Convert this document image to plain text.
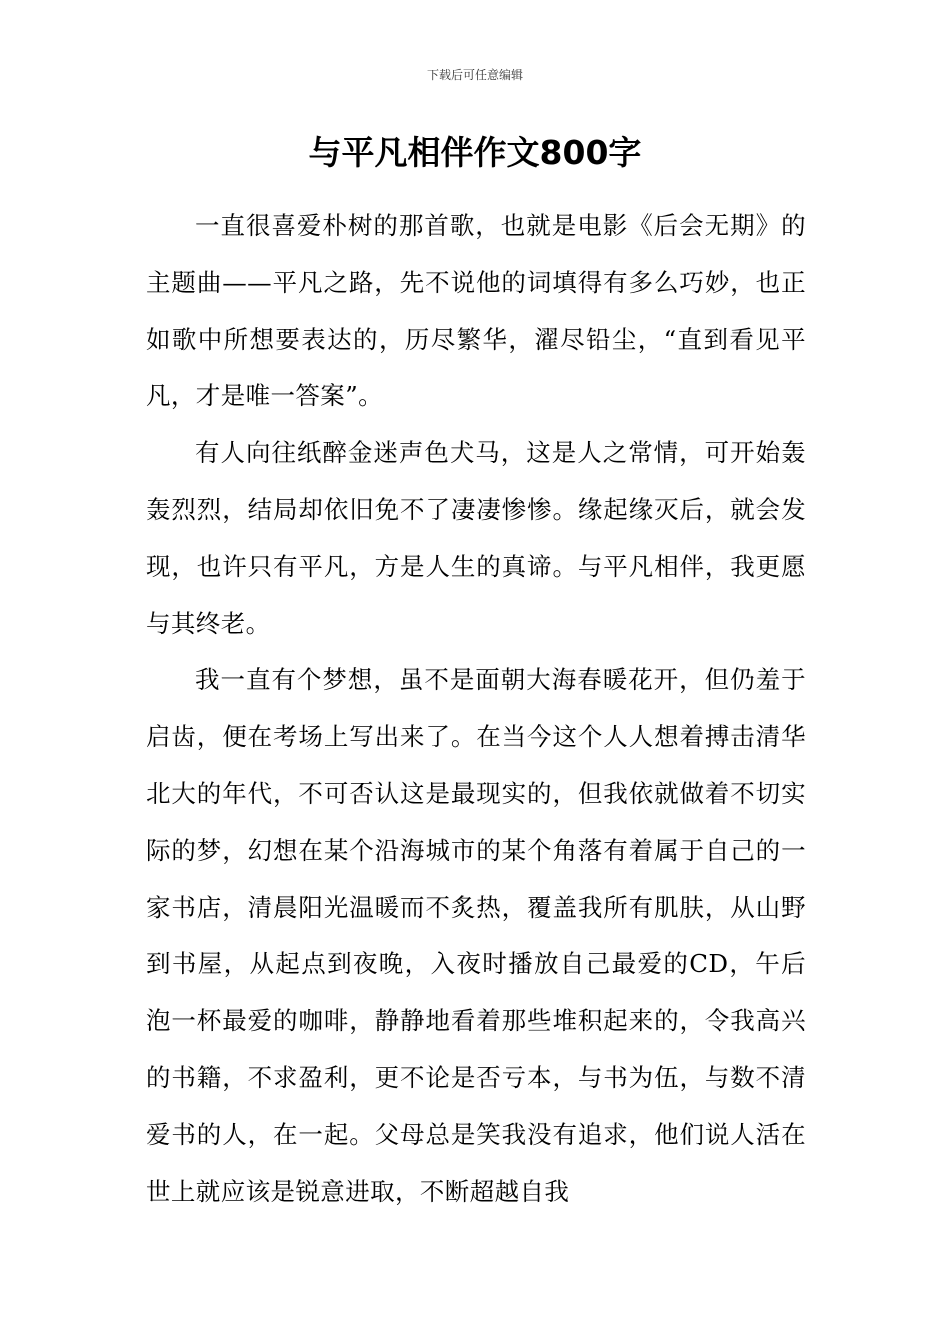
下载后可任意编辑
与平凡相伴作文800字

一直很喜爱朴树的那首歌，也就是电影《后会无期》的主题曲——平凡之路，先不说他的词填得有多么巧妙，也正如歌中所想要表达的，历尽繁华，濯尽铅尘，“直到看见平凡，才是唯一答案”。

有人向往纸醉金迷声色犬马，这是人之常情，可开始轰轰烈烈，结局却依旧免不了凄凄惨惨。缘起缘灭后，就会发现，也许只有平凡，方是人生的真谛。与平凡相伴，我更愿与其终老。

我一直有个梦想，虽不是面朝大海春暖花开，但仍羞于启齿，便在考场上写出来了。在当今这个人人想着搏击清华北大的年代，不可否认这是最现实的，但我依就做着不切实际的梦，幻想在某个沿海城市的某个角落有着属于自己的一家书店，清晨阳光温暖而不炙热，覆盖我所有肌肤，从山野到书屋，从起点到夜晚，入夜时播放自己最爱的CD，午后泡一杯最爱的咖啡，静静地看着那些堆积起来的，令我高兴的书籍，不求盈利，更不论是否亏本，与书为伍，与数不清爱书的人，在一起。父母总是笑我没有追求，他们说人活在世上就应该是锐意进取，不断超越自我
